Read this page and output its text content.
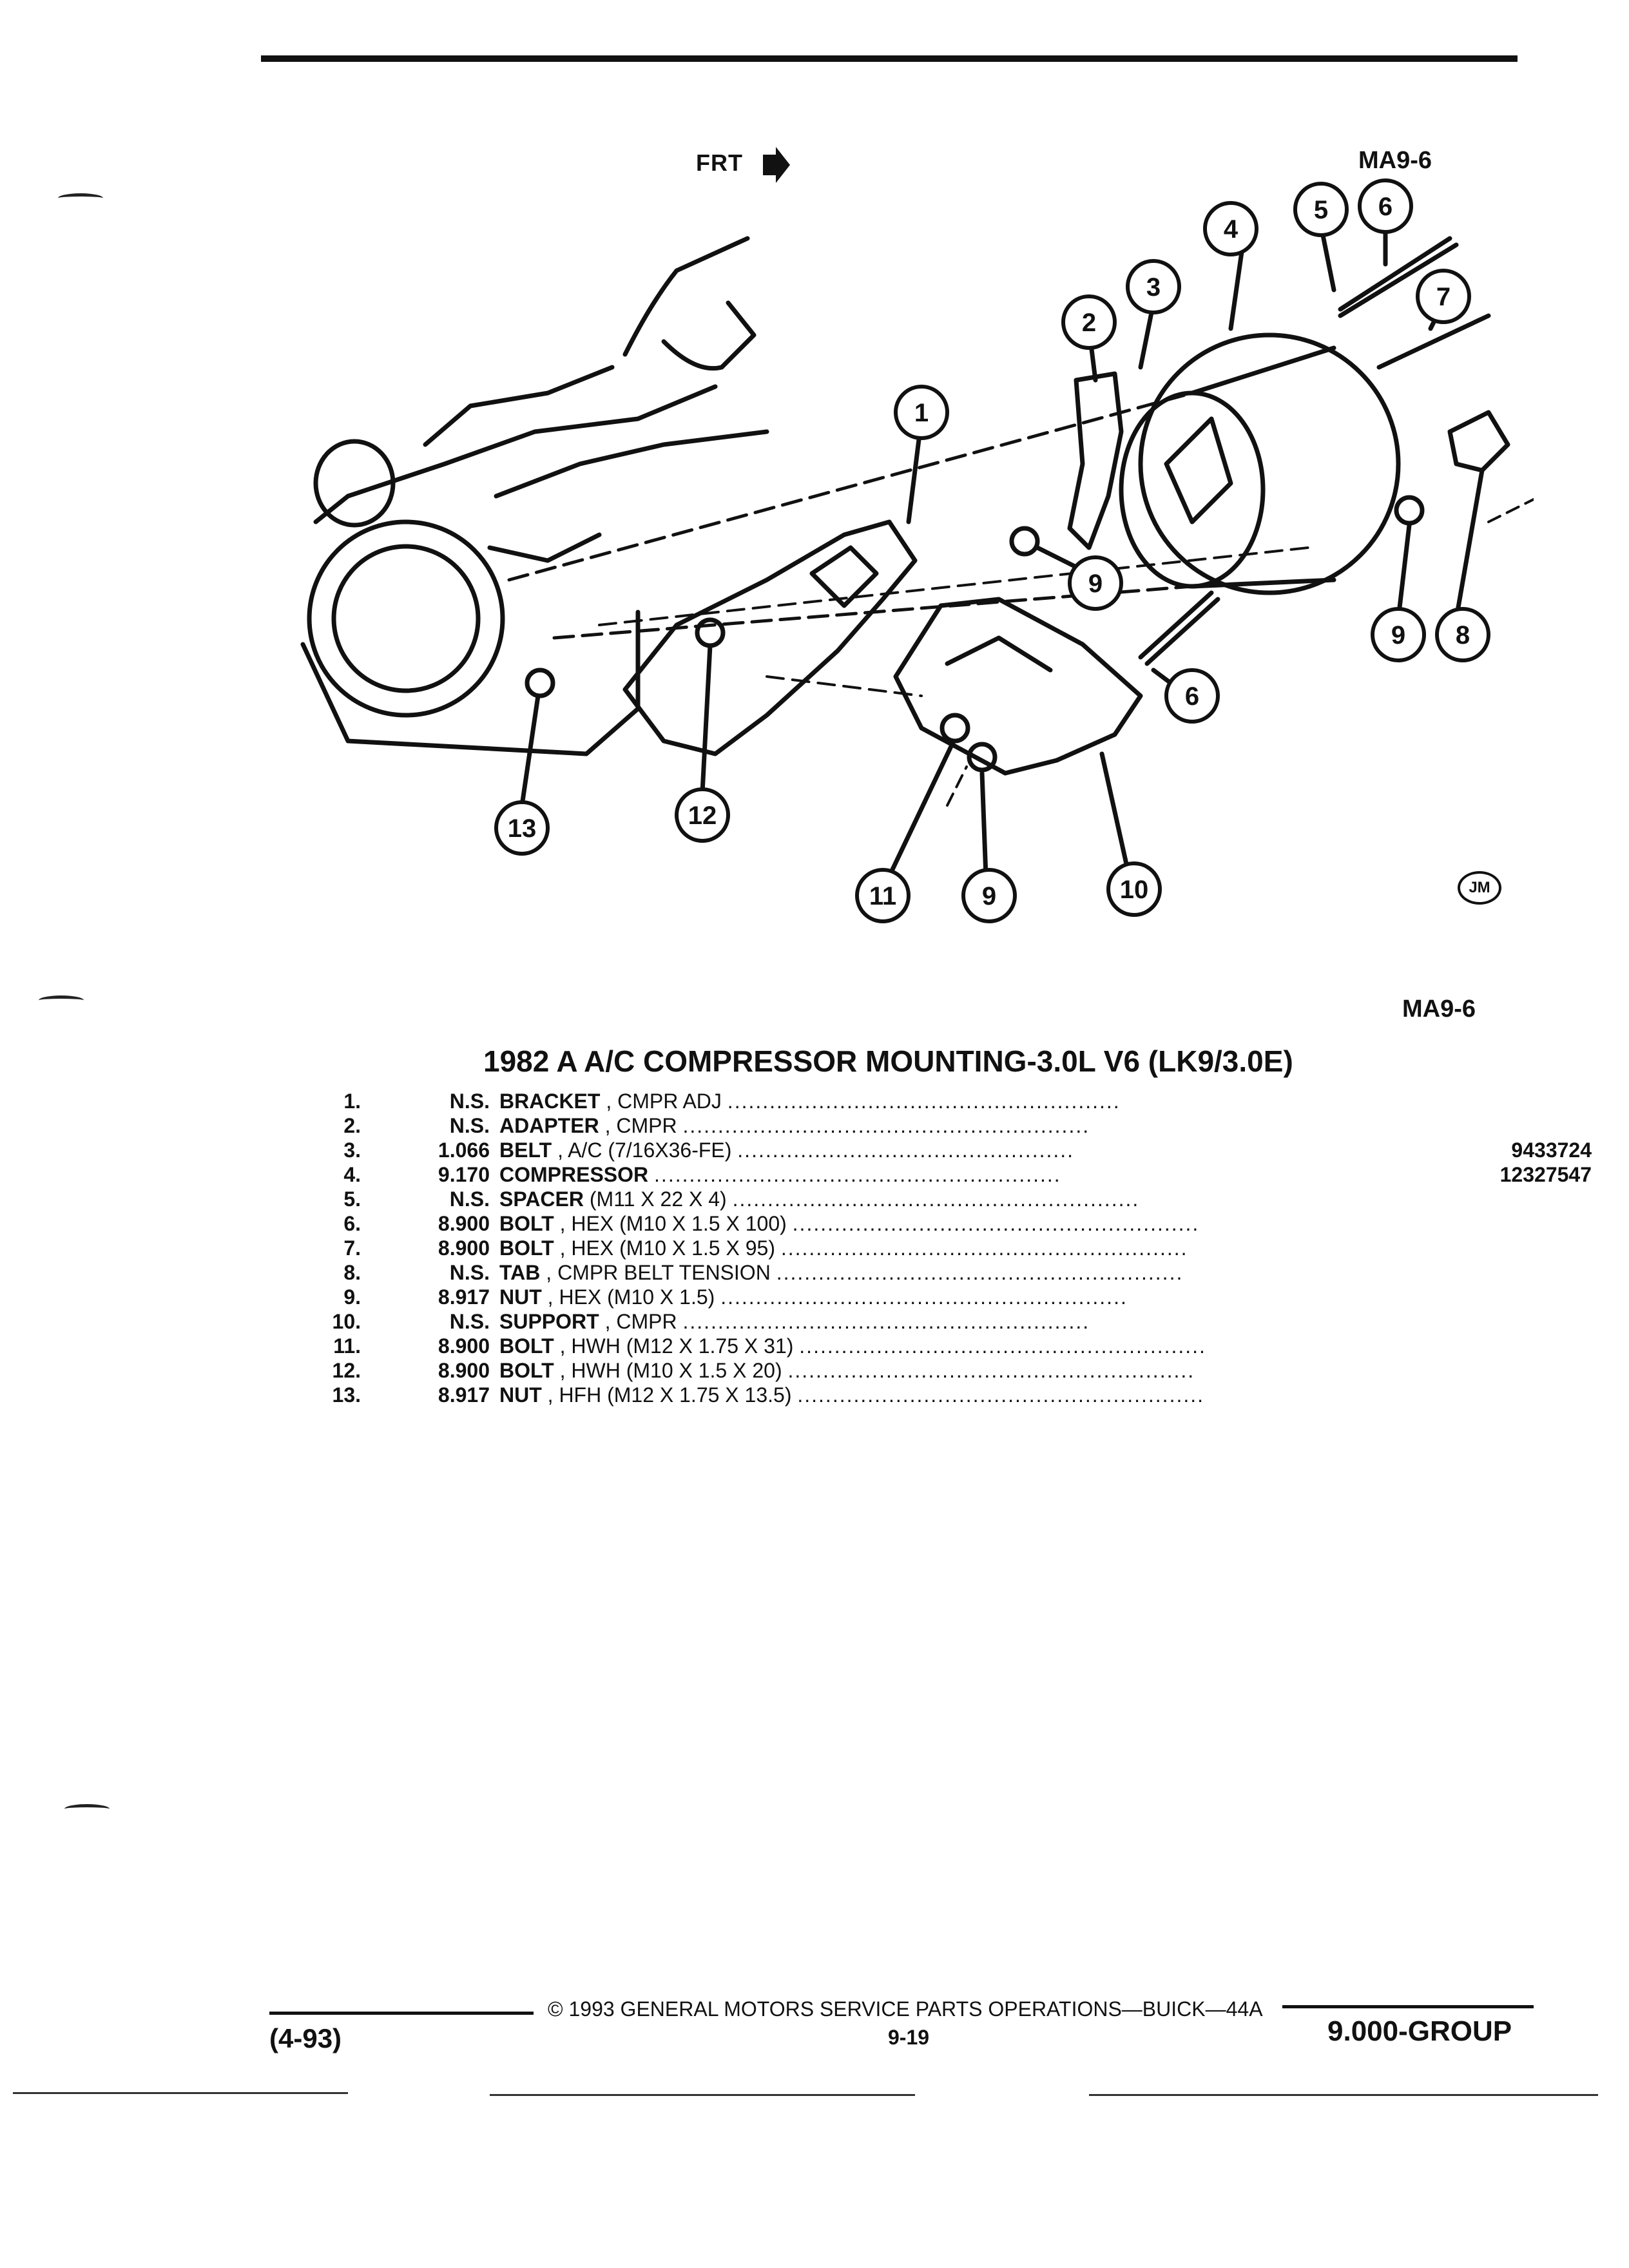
FRT	MA9-6
1
2
3
4
5 6
7
9 8
9
6
10
9
11
12
13
JM
MA9-6
1982 A A/C COMPRESSOR MOUNTING-3.0L V6 (LK9/3.0E)
1.	N.S. BRACKET , CMPR ADJ ........................................................
2.	N.S. ADAPTER , CMPR ..........................................................
3.	1.066 BELT , A/C (7/16X36-FE) ................................................	9433724
4.	9.170 COMPRESSOR ..........................................................	12327547
5.	N.S. SPACER (M11 X 22 X 4) ..........................................................
6.	8.900 BOLT , HEX (M10 X 1.5 X 100) ..........................................................
7.	8.900 BOLT , HEX (M10 X 1.5 X 95) ..........................................................
8.	N.S. TAB , CMPR BELT TENSION ..........................................................
9.	8.917 NUT , HEX (M10 X 1.5) ..........................................................
10.	N.S. SUPPORT , CMPR ..........................................................
11.	8.900 BOLT , HWH (M12 X 1.75 X 31) ..........................................................
12.	8.900 BOLT , HWH (M10 X 1.5 X 20) ..........................................................
13.	8.917 NUT , HFH (M12 X 1.75 X 13.5) ..........................................................
© 1993 GENERAL MOTORS SERVICE PARTS OPERATIONS—BUICK—44A
9-19
(4-93)	9.000-GROUP
